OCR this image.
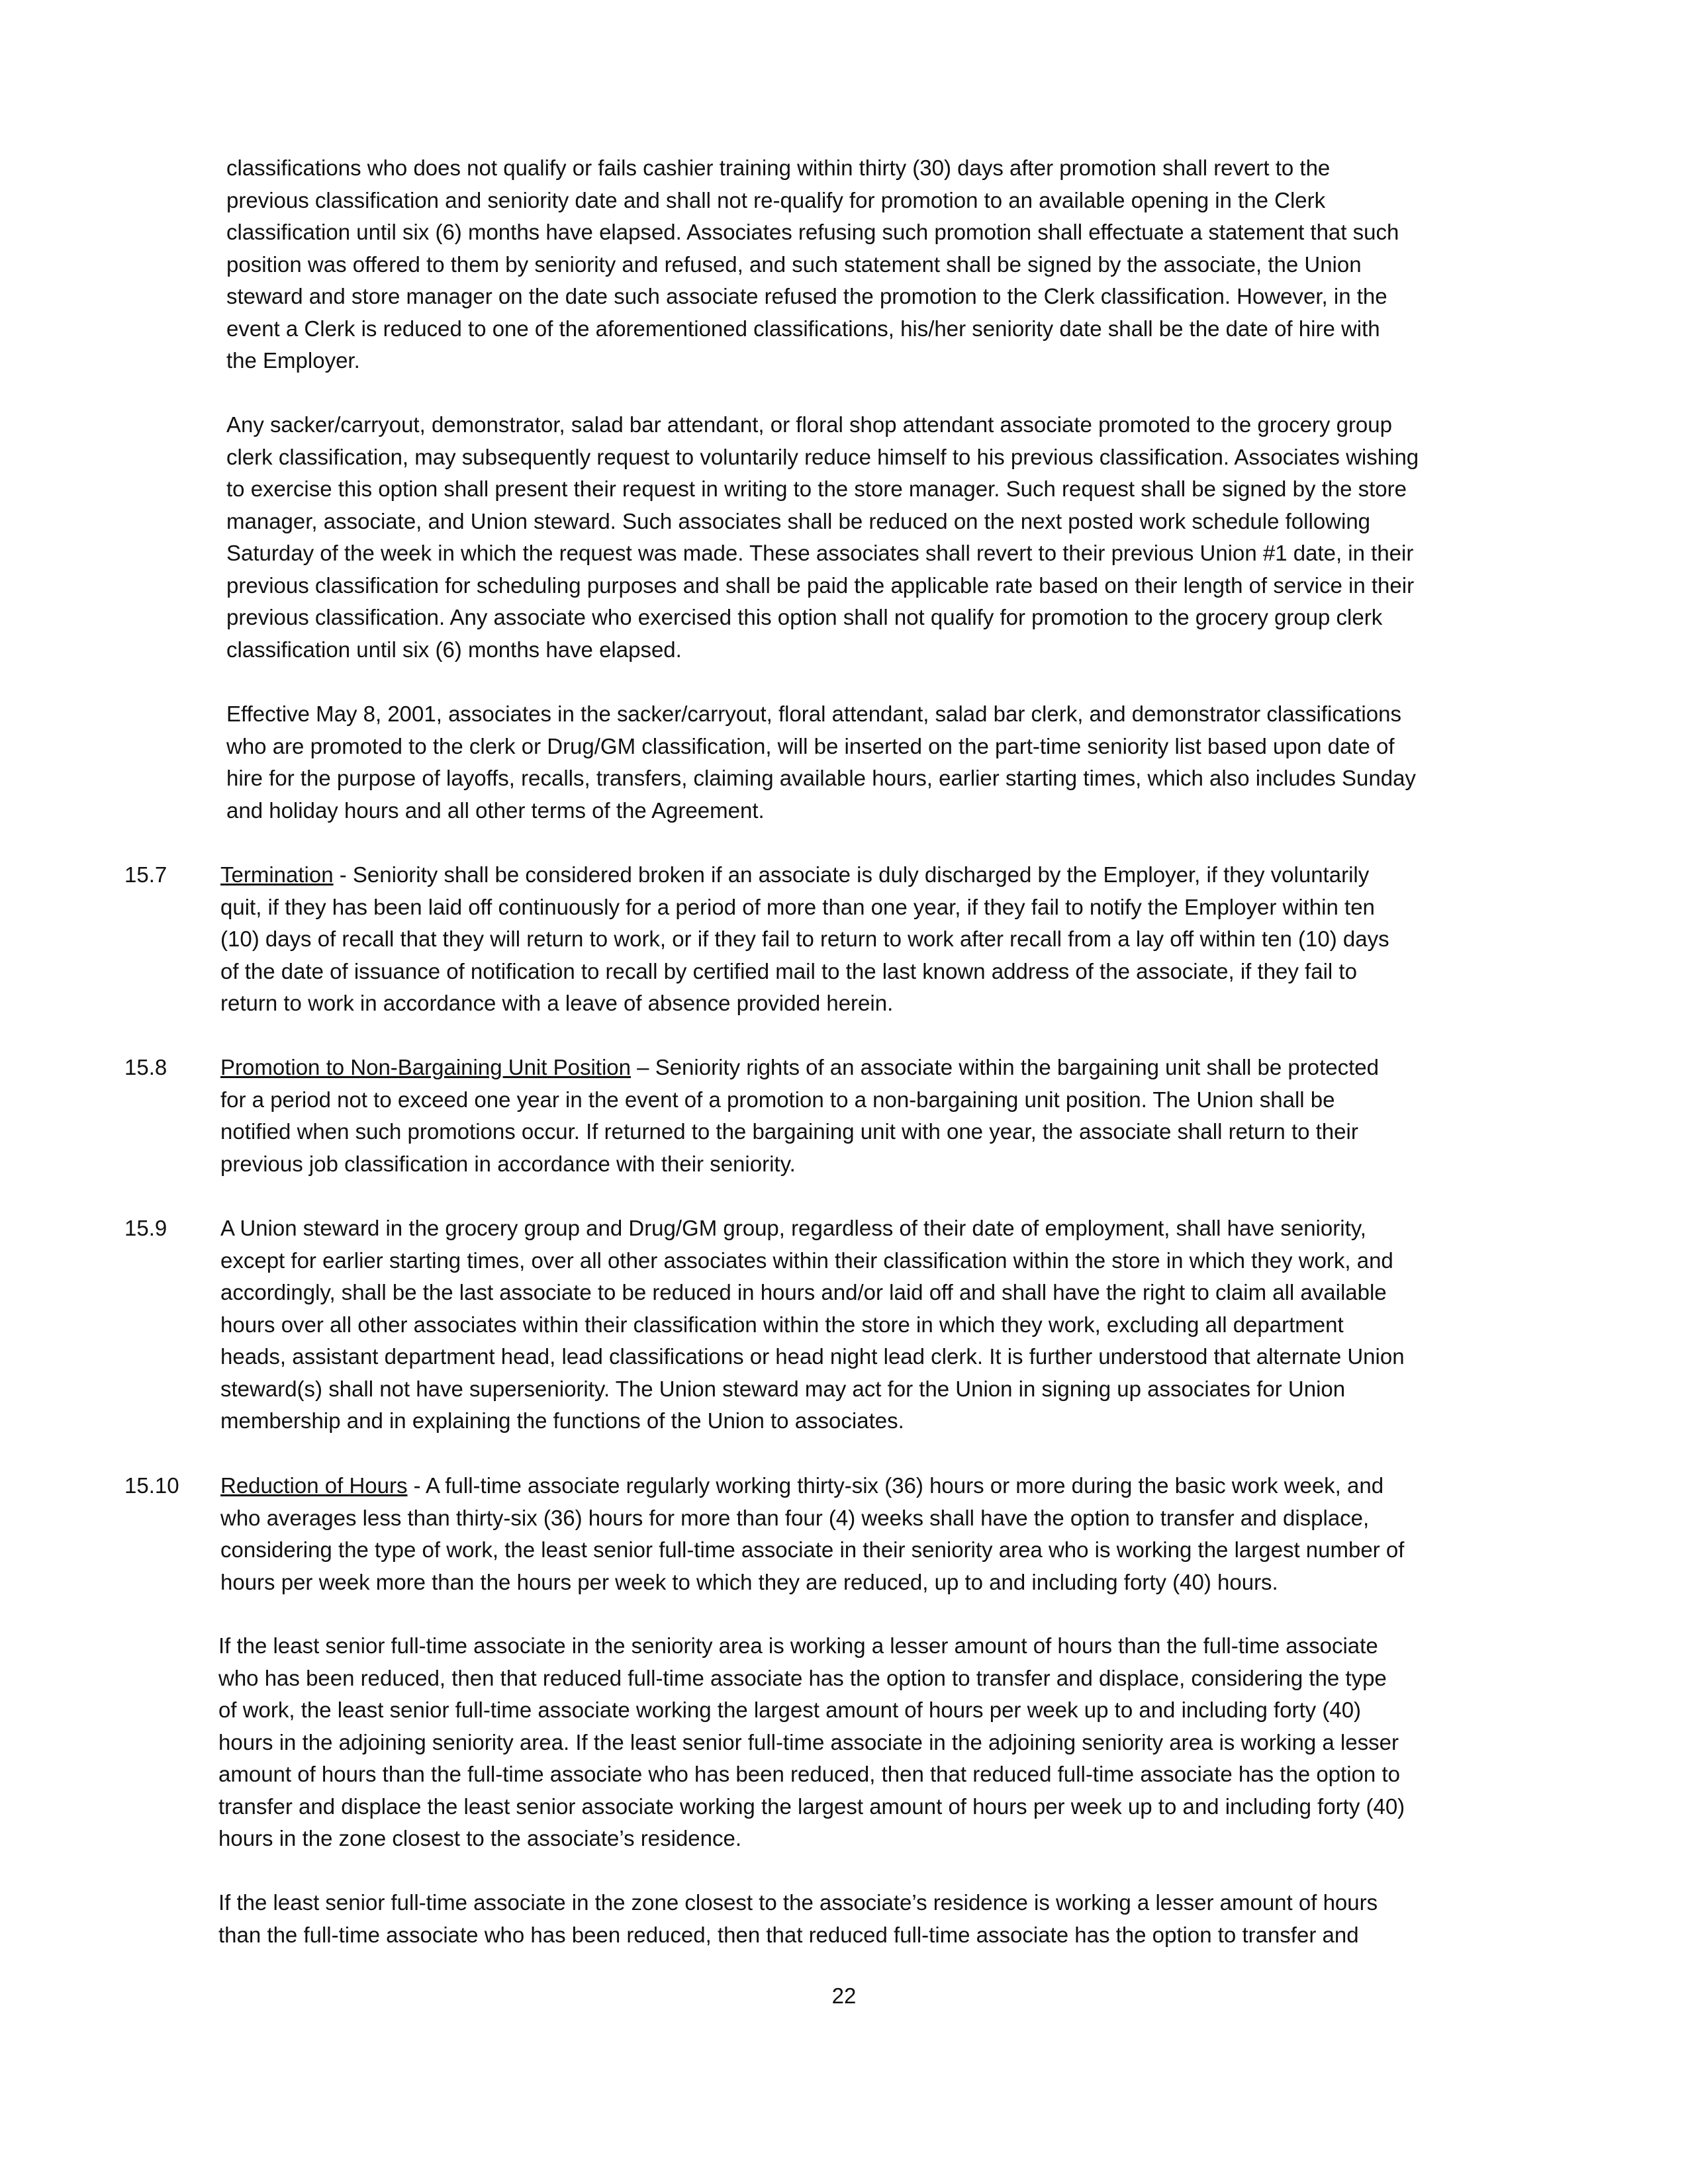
classifications who does not qualify or fails cashier training within thirty (30) days after promotion shall revert to the
previous classification and seniority date and shall not re-qualify for promotion to an available opening in the Clerk
classification until six (6) months have elapsed. Associates refusing such promotion shall effectuate a statement that such
position was offered to them by seniority and refused, and such statement shall be signed by the associate, the Union
steward and store manager on the date such associate refused the promotion to the Clerk classification. However, in the
event a Clerk is reduced to one of the aforementioned classifications, his/her seniority date shall be the date of hire with
the Employer.

Any sacker/carryout, demonstrator, salad bar attendant, or floral shop attendant associate promoted to the grocery group
clerk classification, may subsequently request to voluntarily reduce himself to his previous classification. Associates wishing
to exercise this option shall present their request in writing to the store manager. Such request shall be signed by the store
manager, associate, and Union steward. Such associates shall be reduced on the next posted work schedule following
Saturday of the week in which the request was made. These associates shall revert to their previous Union #1 date, in their
previous classification for scheduling purposes and shall be paid the applicable rate based on their length of service in their
previous classification. Any associate who exercised this option shall not qualify for promotion to the grocery group clerk
classification until six (6) months have elapsed.

Effective May 8, 2001, associates in the sacker/carryout, floral attendant, salad bar clerk, and demonstrator classifications
who are promoted to the clerk or Drug/GM classification, will be inserted on the part-time seniority list based upon date of
hire for the purpose of layoffs, recalls, transfers, claiming available hours, earlier starting times, which also includes Sunday
and holiday hours and all other terms of the Agreement.

15.7 Termination - Seniority shall be considered broken if an associate is duly discharged by the Employer, if they voluntarily
quit, if they has been laid off continuously for a period of more than one year, if they fail to notify the Employer within ten
(10) days of recall that they will return to work, or if they fail to return to work after recall from a lay off within ten (10) days
of the date of issuance of notification to recall by certified mail to the last known address of the associate, if they fail to
return to work in accordance with a leave of absence provided herein.

15.8 Promotion to Non-Bargaining Unit Position – Seniority rights of an associate within the bargaining unit shall be protected
for a period not to exceed one year in the event of a promotion to a non-bargaining unit position. The Union shall be
notified when such promotions occur. If returned to the bargaining unit with one year, the associate shall return to their
previous job classification in accordance with their seniority.

15.9 A Union steward in the grocery group and Drug/GM group, regardless of their date of employment, shall have seniority,
except for earlier starting times, over all other associates within their classification within the store in which they work, and
accordingly, shall be the last associate to be reduced in hours and/or laid off and shall have the right to claim all available
hours over all other associates within their classification within the store in which they work, excluding all department
heads, assistant department head, lead classifications or head night lead clerk. It is further understood that alternate Union
steward(s) shall not have superseniority. The Union steward may act for the Union in signing up associates for Union
membership and in explaining the functions of the Union to associates.

15.10 Reduction of Hours - A full-time associate regularly working thirty-six (36) hours or more during the basic work week, and
who averages less than thirty-six (36) hours for more than four (4) weeks shall have the option to transfer and displace,
considering the type of work, the least senior full-time associate in their seniority area who is working the largest number of
hours per week more than the hours per week to which they are reduced, up to and including forty (40) hours.

If the least senior full-time associate in the seniority area is working a lesser amount of hours than the full-time associate
who has been reduced, then that reduced full-time associate has the option to transfer and displace, considering the type
of work, the least senior full-time associate working the largest amount of hours per week up to and including forty (40)
hours in the adjoining seniority area. If the least senior full-time associate in the adjoining seniority area is working a lesser
amount of hours than the full-time associate who has been reduced, then that reduced full-time associate has the option to
transfer and displace the least senior associate working the largest amount of hours per week up to and including forty (40)
hours in the zone closest to the associate’s residence.

If the least senior full-time associate in the zone closest to the associate’s residence is working a lesser amount of hours
than the full-time associate who has been reduced, then that reduced full-time associate has the option to transfer and

22
